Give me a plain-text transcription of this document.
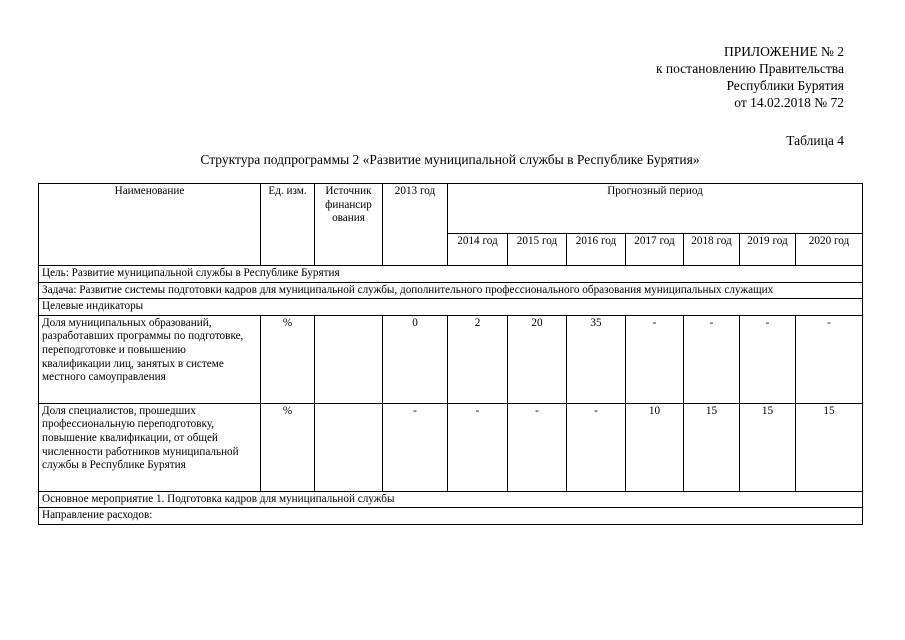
ПРИЛОЖЕНИЕ № 2
к постановлению Правительства
Республики Бурятия
от 14.02.2018 № 72
Таблица 4
Структура подпрограммы 2 «Развитие муниципальной службы в Республике Бурятия»
Наименование	Ед. изм.	Источник финансир ования	2013 год	Прогнозный период						
				2014 год	2015 год	2016 год	2017 год	2018 год	2019 год	2020 год
Цель: Развитие муниципальной службы в Республике Бурятия										
Задача: Развитие системы подготовки кадров для муниципальной службы, дополнительного профессионального образования муниципальных служащих										
Целевые индикаторы										
Доля муниципальных образований, разработавших программы по подготовке, переподготовке и повышению квалификации лиц, занятых в системе местного самоуправления	%		0	2	20	35	-	-	-	-
Доля специалистов, прошедших профессиональную переподготовку, повышение квалификации, от общей численности работников муниципальной службы в Республике Бурятия	%		-	-	-	-	10	15	15	15
Основное мероприятие 1. Подготовка кадров для муниципальной службы										
Направление расходов:										
